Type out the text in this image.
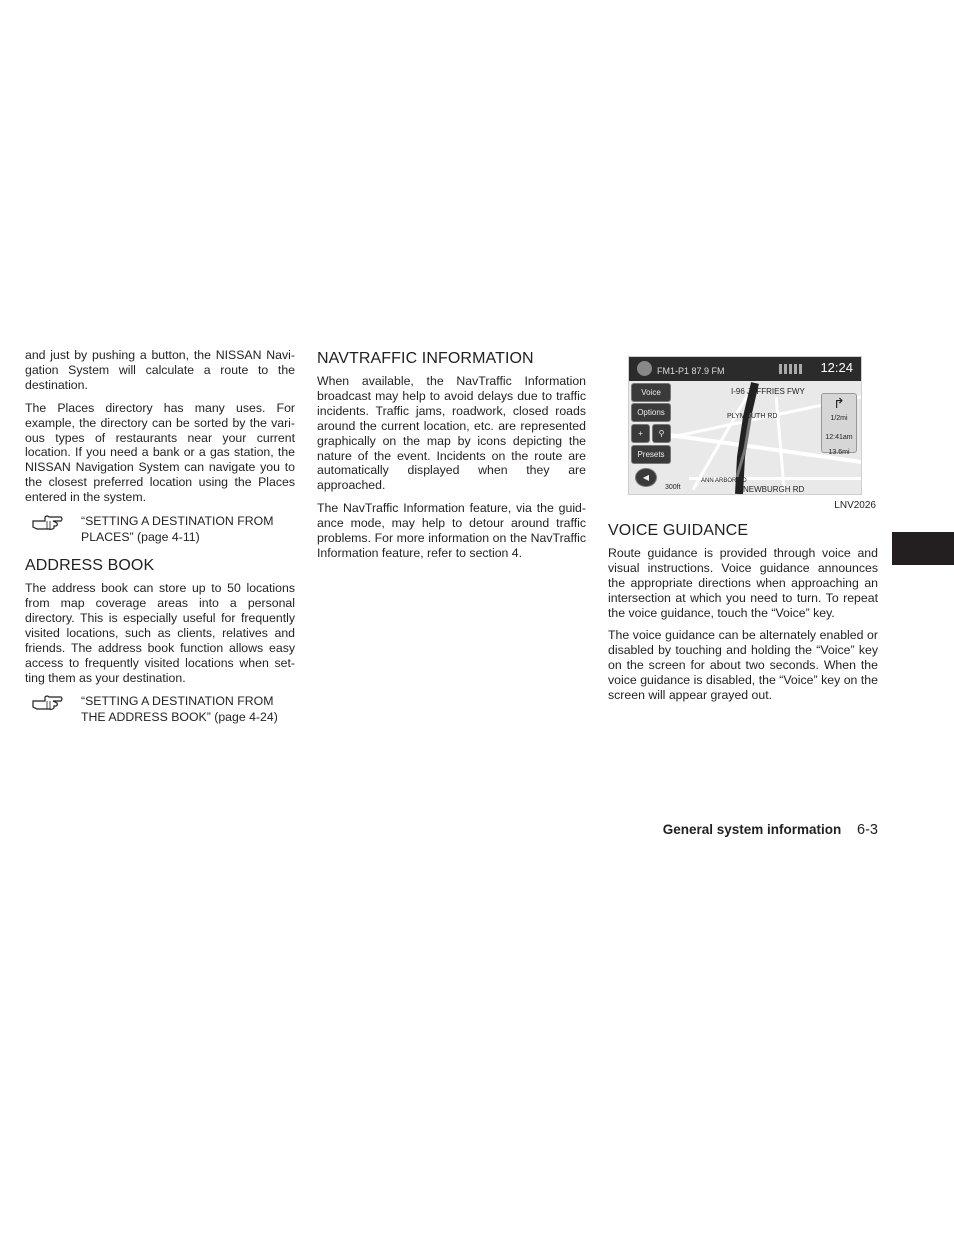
and just by pushing a button, the NISSAN Navi- gation System will calculate a route to the destination.

The Places directory has many uses. For example, the directory can be sorted by the vari- ous types of restaurants near your current location. If you need a bank or a gas station, the NISSAN Navigation System can navigate you to the closest preferred location using the Places entered in the system.

“SETTING A DESTINATION FROM
PLACES” (page 4-11)
ADDRESS BOOK

The address book can store up to 50 locations from map coverage areas into a personal directory. This is especially useful for frequently visited locations, such as clients, relatives and friends. The address book function allows easy access to frequently visited locations when set- ting them as your destination.

“SETTING A DESTINATION FROM
THE ADDRESS BOOK” (page 4-24)
NAVTRAFFIC INFORMATION

When available, the NavTraffic Information broadcast may help to avoid delays due to traffic incidents. Traffic jams, roadwork, closed roads around the current location, etc. are represented graphically on the map by icons depicting the nature of the event. Incidents on the route are automatically displayed when they are approached.

The NavTraffic Information feature, via the guid- ance mode, may help to detour around traffic problems. For more information on the NavTraffic Information feature, refer to section 4.

FM1-P1 87.9 FM	12:24
Voice
Options
+	⚲
Presets
◀
I-96 JEFFRIES FWY
PLYMOUTH RD
ANN ARBOR RD
NEWBURGH RD
300ft
↱
1/2mi
12:41am
13.6mi
LNV2026
VOICE GUIDANCE

Route guidance is provided through voice and visual instructions. Voice guidance announces the appropriate directions when approaching an intersection at which you need to turn. To repeat the voice guidance, touch the “Voice” key.

The voice guidance can be alternately enabled or disabled by touching and holding the “Voice” key on the screen for about two seconds. When the voice guidance is disabled, the “Voice” key on the screen will appear grayed out.

General system information 6-3
